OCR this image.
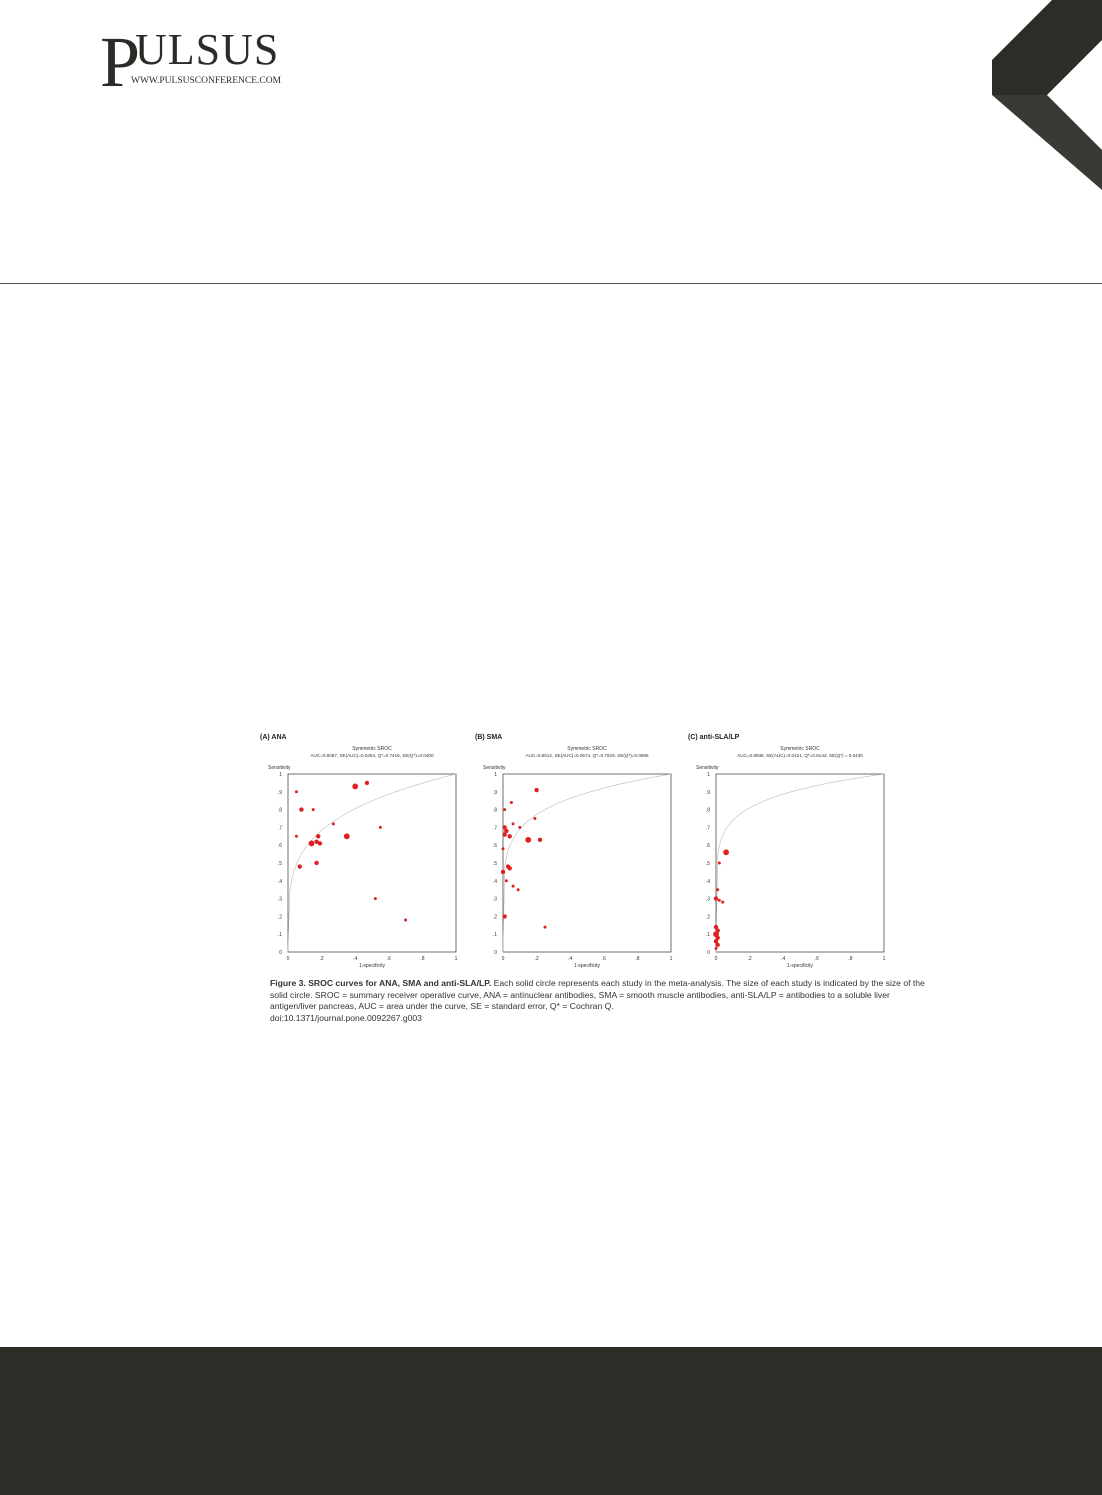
P
ULSUS
WWW.PULSUSCONFERENCE.COM
(A) ANA
Symmetric SROC
AUC=0.8087, SE(AUC)=0.0454, Q*=0.7416, SE(Q*)=0.0400
Sensitivity
0
.1
.2
.3
.4
.5
.6
.7
.8
.9
1
0	.2	.4	.6	.8	1
1-specificity
(B) SMA
Symmetric SROC
AUC=0.8612, SE(AUC)=0.0674, Q*=0.7919, SE(Q*)=0.0565
Sensitivity
0
.1
.2
.3
.4
.5
.6
.7
.8
.9
1
0	.2	.4	.6	.8	1
1-specificity
(C) anti-SLA/LP
Symmetric SROC
AUC=0.8838, SE(AUC)=0.0421, Q*=0.8143, SE(Q*) = 0.0430
Sensitivity
0
.1
.2
.3
.4
.5
.6
.7
.8
.9
1
0	.2	.4	.6	.8	1
1-specificity
Figure 3. SROC curves for ANA, SMA and anti-SLA/LP. Each solid circle represents each study in the meta-analysis. The size of each study is indicated by the size of the solid circle. SROC = summary receiver operative curve, ANA = antinuclear antibodies, SMA = smooth muscle antibodies, anti-SLA/LP = antibodies to a soluble liver antigen/liver pancreas, AUC = area under the curve, SE = standard error, Q* = Cochran Q.
doi:10.1371/journal.pone.0092267.g003
